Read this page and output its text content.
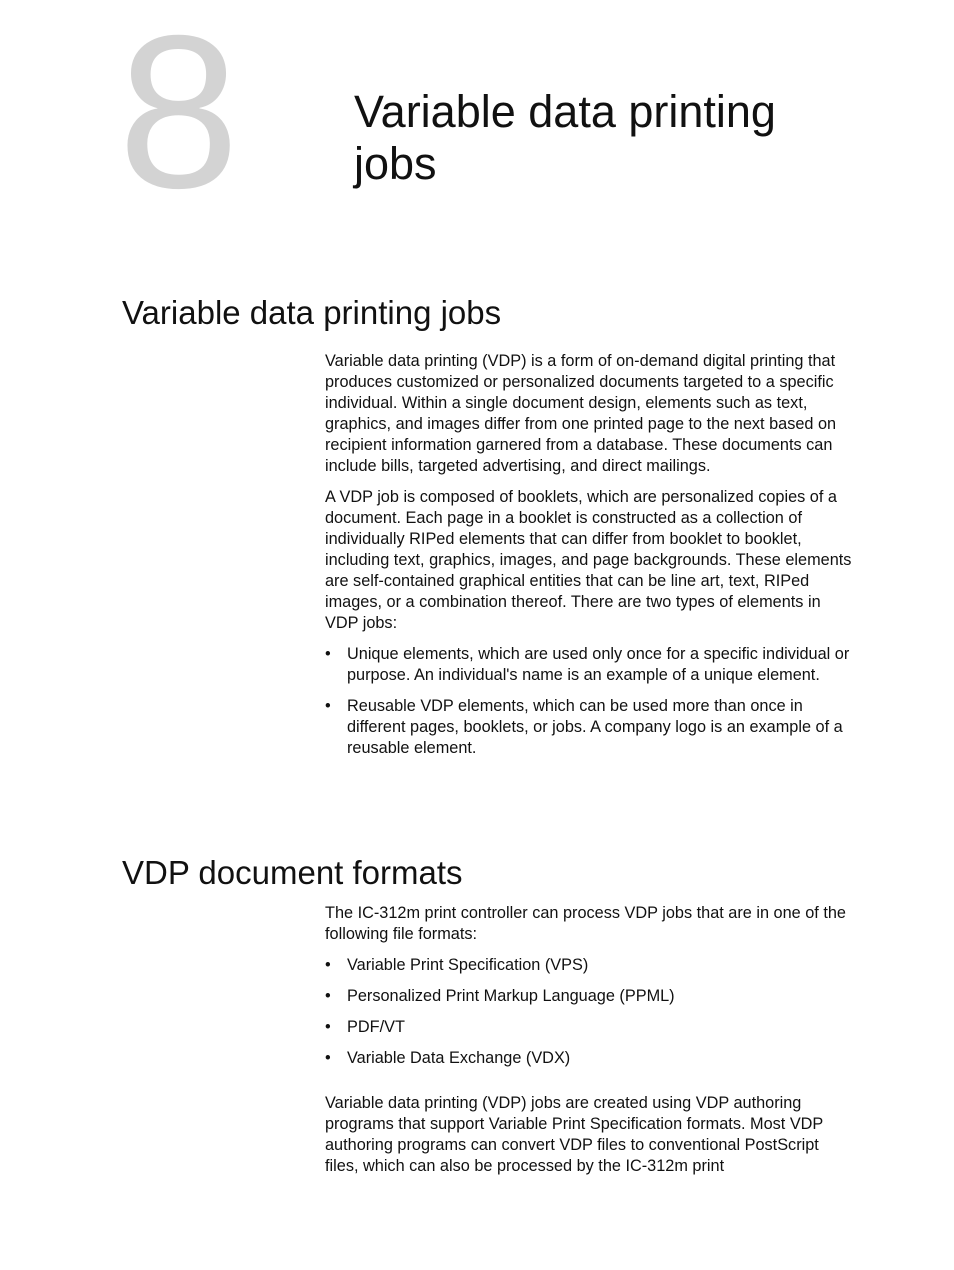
8	Variable data printing jobs
Variable data printing jobs

Variable data printing (VDP) is a form of on-demand digital printing that produces customized or personalized documents targeted to a specific individual. Within a single document design, elements such as text, graphics, and images differ from one printed page to the next based on recipient information garnered from a database. These documents can include bills, targeted advertising, and direct mailings.

A VDP job is composed of booklets, which are personalized copies of a document. Each page in a booklet is constructed as a collection of individually RIPed elements that can differ from booklet to booklet, including text, graphics, images, and page backgrounds. These elements are self-contained graphical entities that can be line art, text, RIPed images, or a combination thereof. There are two types of elements in VDP jobs:

• Unique elements, which are used only once for a specific individual or purpose. An individual's name is an example of a unique element.
• Reusable VDP elements, which can be used more than once in different pages, booklets, or jobs. A company logo is an example of a reusable element.
VDP document formats

The IC-312m print controller can process VDP jobs that are in one of the following file formats:

• Variable Print Specification (VPS)
• Personalized Print Markup Language (PPML)
• PDF/VT
• Variable Data Exchange (VDX)

Variable data printing (VDP) jobs are created using VDP authoring programs that support Variable Print Specification formats. Most VDP authoring programs can convert VDP files to conventional PostScript files, which can also be processed by the IC-312m print
